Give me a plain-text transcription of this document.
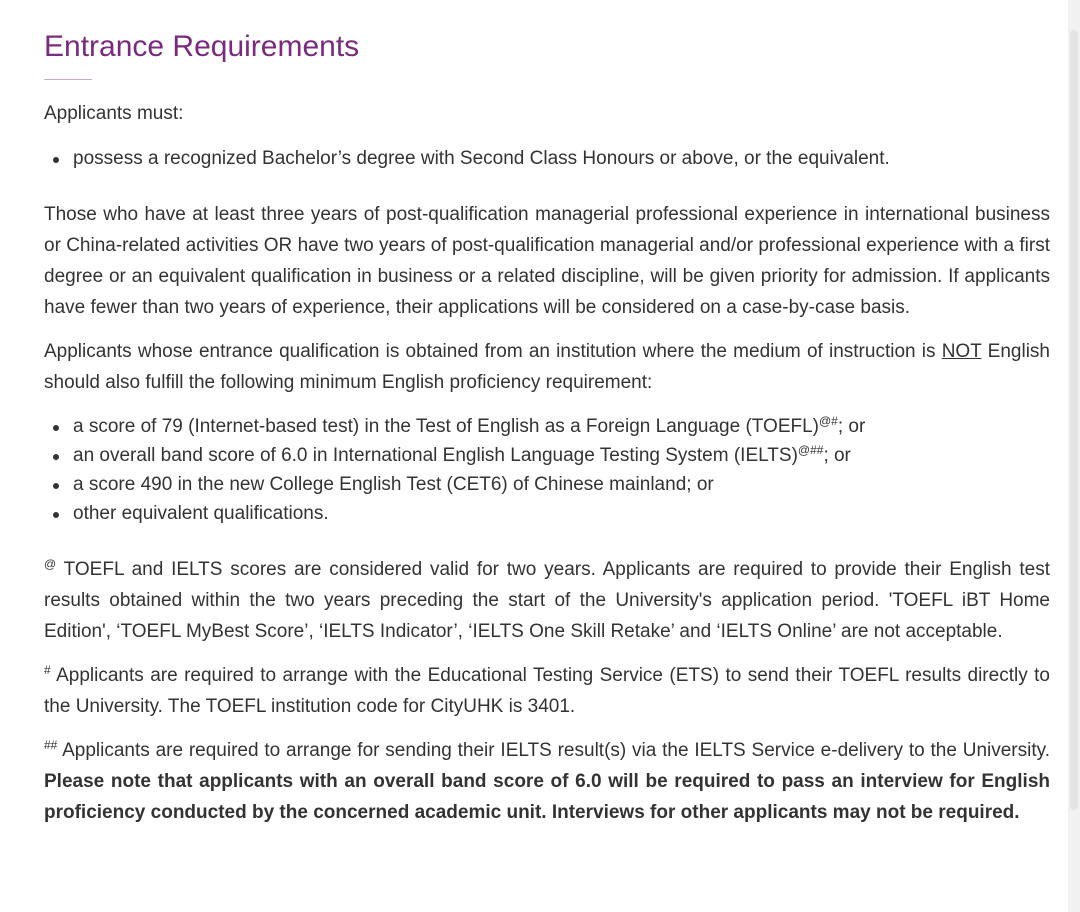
Entrance Requirements

Applicants must:

possess a recognized Bachelor’s degree with Second Class Honours or above, or the equivalent.

Those who have at least three years of post-qualification managerial professional experience in international business or China-related activities OR have two years of post-qualification managerial and/or professional experience with a first degree or an equivalent qualification in business or a related discipline, will be given priority for admission. If applicants have fewer than two years of experience, their applications will be considered on a case-by-case basis.

Applicants whose entrance qualification is obtained from an institution where the medium of instruction is NOT English should also fulfill the following minimum English proficiency requirement:

a score of 79 (Internet-based test) in the Test of English as a Foreign Language (TOEFL)@#; or
an overall band score of 6.0 in International English Language Testing System (IELTS)@##; or
a score 490 in the new College English Test (CET6) of Chinese mainland; or
other equivalent qualifications.

@ TOEFL and IELTS scores are considered valid for two years. Applicants are required to provide their English test results obtained within the two years preceding the start of the University's application period. 'TOEFL iBT Home Edition', ‘TOEFL MyBest Score’, ‘IELTS Indicator’, ‘IELTS One Skill Retake’ and ‘IELTS Online’ are not acceptable.

# Applicants are required to arrange with the Educational Testing Service (ETS) to send their TOEFL results directly to the University. The TOEFL institution code for CityUHK is 3401.

## Applicants are required to arrange for sending their IELTS result(s) via the IELTS Service e-delivery to the University. Please note that applicants with an overall band score of 6.0 will be required to pass an interview for English proficiency conducted by the concerned academic unit. Interviews for other applicants may not be required.
